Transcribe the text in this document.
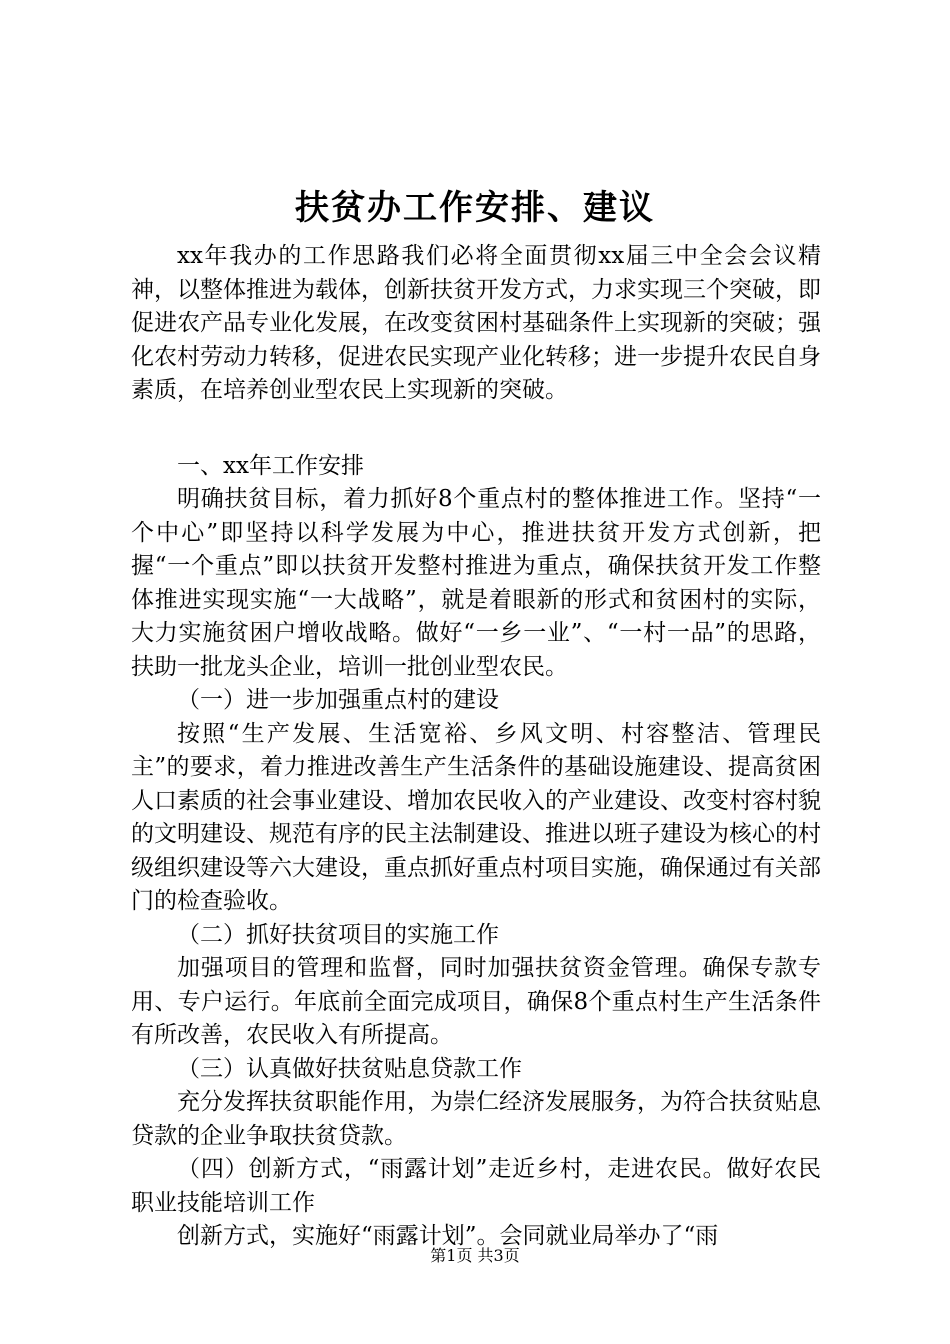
扶贫办工作安排、建议

xx年我办的工作思路我们必将全面贯彻xx届三中全会会议精神，以整体推进为载体，创新扶贫开发方式，力求实现三个突破，即促进农产品专业化发展，在改变贫困村基础条件上实现新的突破；强化农村劳动力转移，促进农民实现产业化转移；进一步提升农民自身素质，在培养创业型农民上实现新的突破。

一、xx年工作安排

明确扶贫目标，着力抓好8个重点村的整体推进工作。坚持“一个中心”即坚持以科学发展为中心，推进扶贫开发方式创新，把握“一个重点”即以扶贫开发整村推进为重点，确保扶贫开发工作整体推进实现实施“一大战略”，就是着眼新的形式和贫困村的实际，大力实施贫困户增收战略。做好“一乡一业”、“一村一品”的思路，扶助一批龙头企业，培训一批创业型农民。

（一）进一步加强重点村的建设

按照“生产发展、生活宽裕、乡风文明、村容整洁、管理民主”的要求，着力推进改善生产生活条件的基础设施建设、提高贫困人口素质的社会事业建设、增加农民收入的产业建设、改变村容村貌的文明建设、规范有序的民主法制建设、推进以班子建设为核心的村级组织建设等六大建设，重点抓好重点村项目实施，确保通过有关部门的检查验收。

（二）抓好扶贫项目的实施工作

加强项目的管理和监督，同时加强扶贫资金管理。确保专款专用、专户运行。年底前全面完成项目，确保8个重点村生产生活条件有所改善，农民收入有所提高。

（三）认真做好扶贫贴息贷款工作

充分发挥扶贫职能作用，为崇仁经济发展服务，为符合扶贫贴息贷款的企业争取扶贫贷款。

（四）创新方式，“雨露计划”走近乡村，走进农民。做好农民职业技能培训工作

创新方式，实施好“雨露计划”。会同就业局举办了“雨

第1页 共3页
